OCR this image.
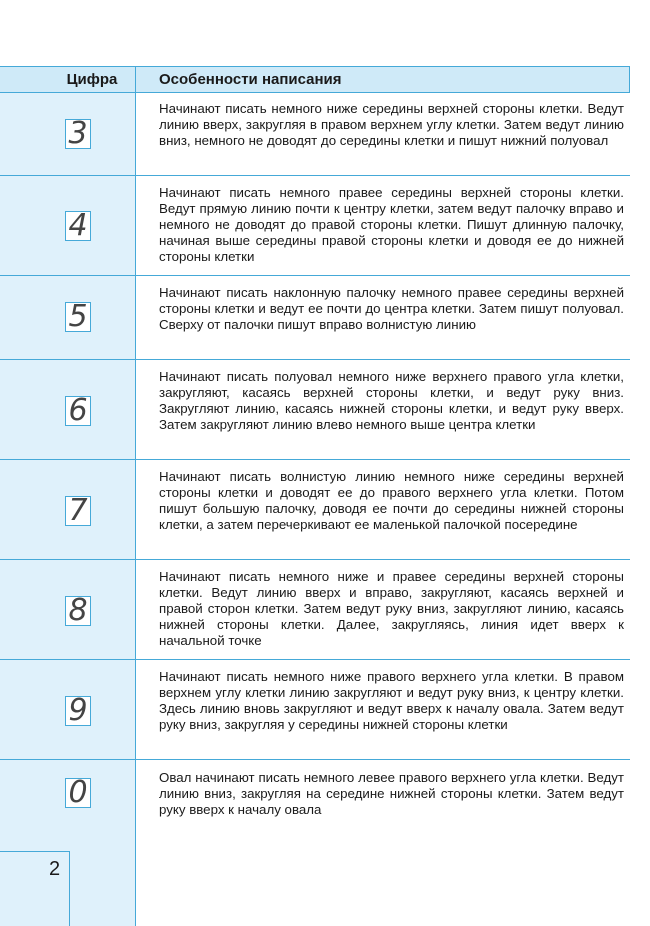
Цифра	Особенности написания
3
Начинают писать немного ниже середины верхней стороны клетки. Ведут линию вверх, закругляя в правом верхнем углу клетки. Затем ведут линию вниз, немного не доводят до середины клетки и пишут нижний полуовал
4
Начинают писать немного правее середины верхней стороны клетки. Ведут прямую линию почти к центру клетки, затем ведут палочку вправо и немного не доводят до правой стороны клетки. Пишут длинную палочку, начиная выше середины правой стороны клетки и доводя ее до нижней стороны клетки
5
Начинают писать наклонную палочку немного правее середины верхней стороны клетки и ведут ее почти до центра клетки. Затем пишут полуовал. Сверху от палочки пишут вправо волнистую линию
6
Начинают писать полуовал немного ниже верхнего правого угла клетки, закругляют, касаясь верхней стороны клетки, и ведут руку вниз. Закругляют линию, касаясь нижней стороны клетки, и ведут руку вверх. Затем закругляют линию влево немного выше центра клетки
7
Начинают писать волнистую линию немного ниже середины верхней стороны клетки и доводят ее до правого верхнего угла клетки. Потом пишут большую палочку, доводя ее почти до середины нижней стороны клетки, а затем перечеркивают ее маленькой палочкой посередине
8
Начинают писать немного ниже и правее середины верхней стороны клетки. Ведут линию вверх и вправо, закругляют, касаясь верхней и правой сторон клетки. Затем ведут руку вниз, закругляют линию, касаясь нижней стороны клетки. Далее, закругляясь, линия идет вверх к начальной точке
9
Начинают писать немного ниже правого верхнего угла клетки. В правом верхнем углу клетки линию закругляют и ведут руку вниз, к центру клетки. Здесь линию вновь закругляют и ведут вверх к началу овала. Затем ведут руку вниз, закругляя у середины нижней стороны клетки
0	Овал начинают писать немного левее правого верхнего угла клетки. Ведут линию вниз, закругляя на середине нижней стороны клетки. Затем ведут руку вверх к началу овала
2
